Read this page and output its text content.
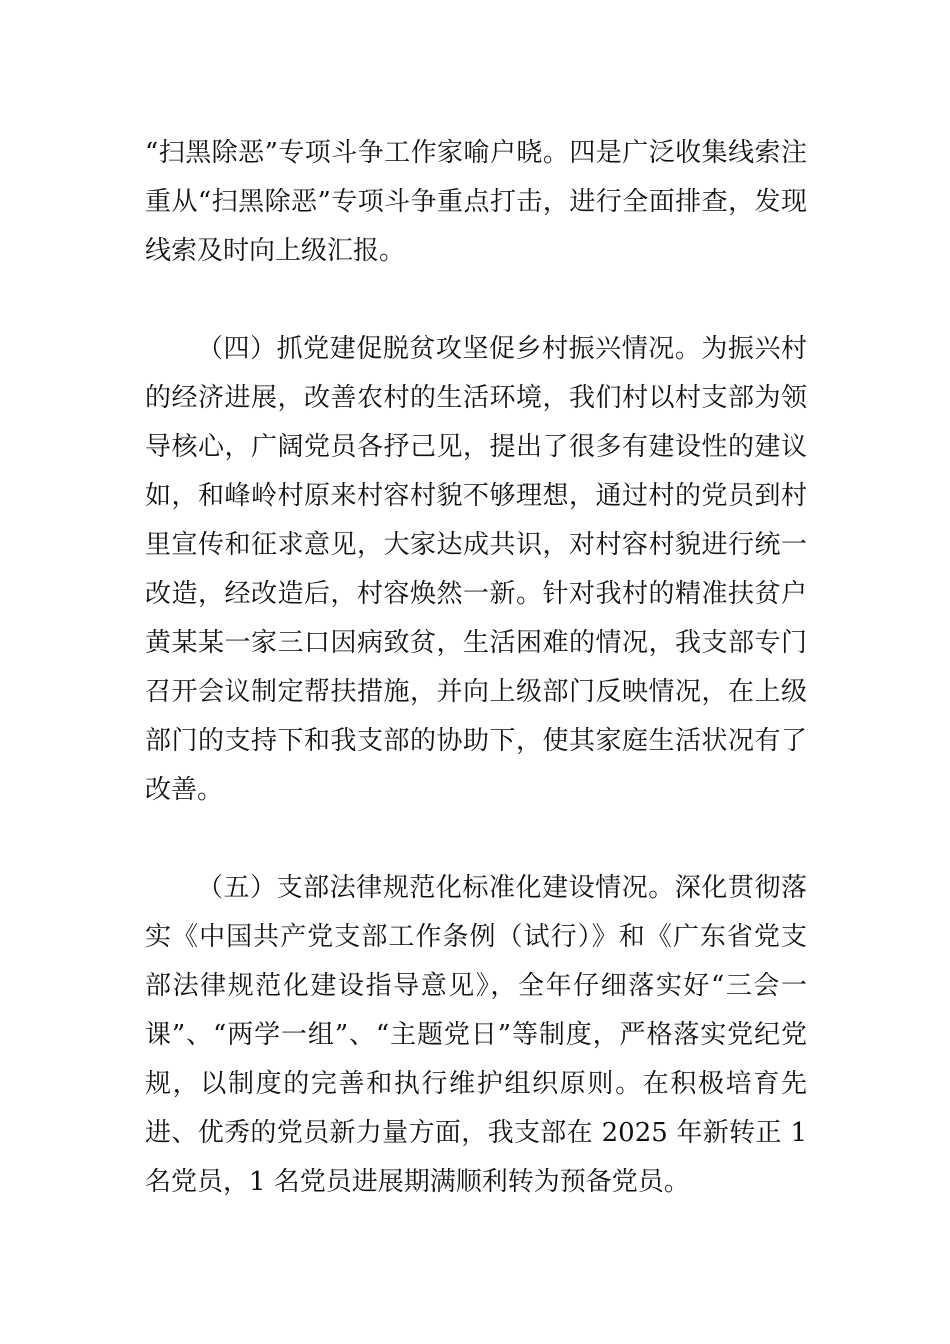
“扫黑除恶”专项斗争工作家喻户晓。四是广泛收集线索注重从“扫黑除恶”专项斗争重点打击，进行全面排查，发现线索及时向上级汇报。

（四）抓党建促脱贫攻坚促乡村振兴情况。为振兴村的经济进展，改善农村的生活环境，我们村以村支部为领导核心，广阔党员各抒己见，提出了很多有建设性的建议如，和峰岭村原来村容村貌不够理想，通过村的党员到村里宣传和征求意见，大家达成共识，对村容村貌进行统一改造，经改造后，村容焕然一新。针对我村的精准扶贫户黄某某一家三口因病致贫，生活困难的情况，我支部专门召开会议制定帮扶措施，并向上级部门反映情况，在上级部门的支持下和我支部的协助下，使其家庭生活状况有了改善。

（五）支部法律规范化标准化建设情况。深化贯彻落实《中国共产党支部工作条例（试行）》和《广东省党支部法律规范化建设指导意见》，全年仔细落实好“三会一课”、“两学一组”、“主题党日”等制度，严格落实党纪党规，以制度的完善和执行维护组织原则。在积极培育先进、优秀的党员新力量方面，我支部在 2025 年新转正 1 名党员，1 名党员进展期满顺利转为预备党员。
